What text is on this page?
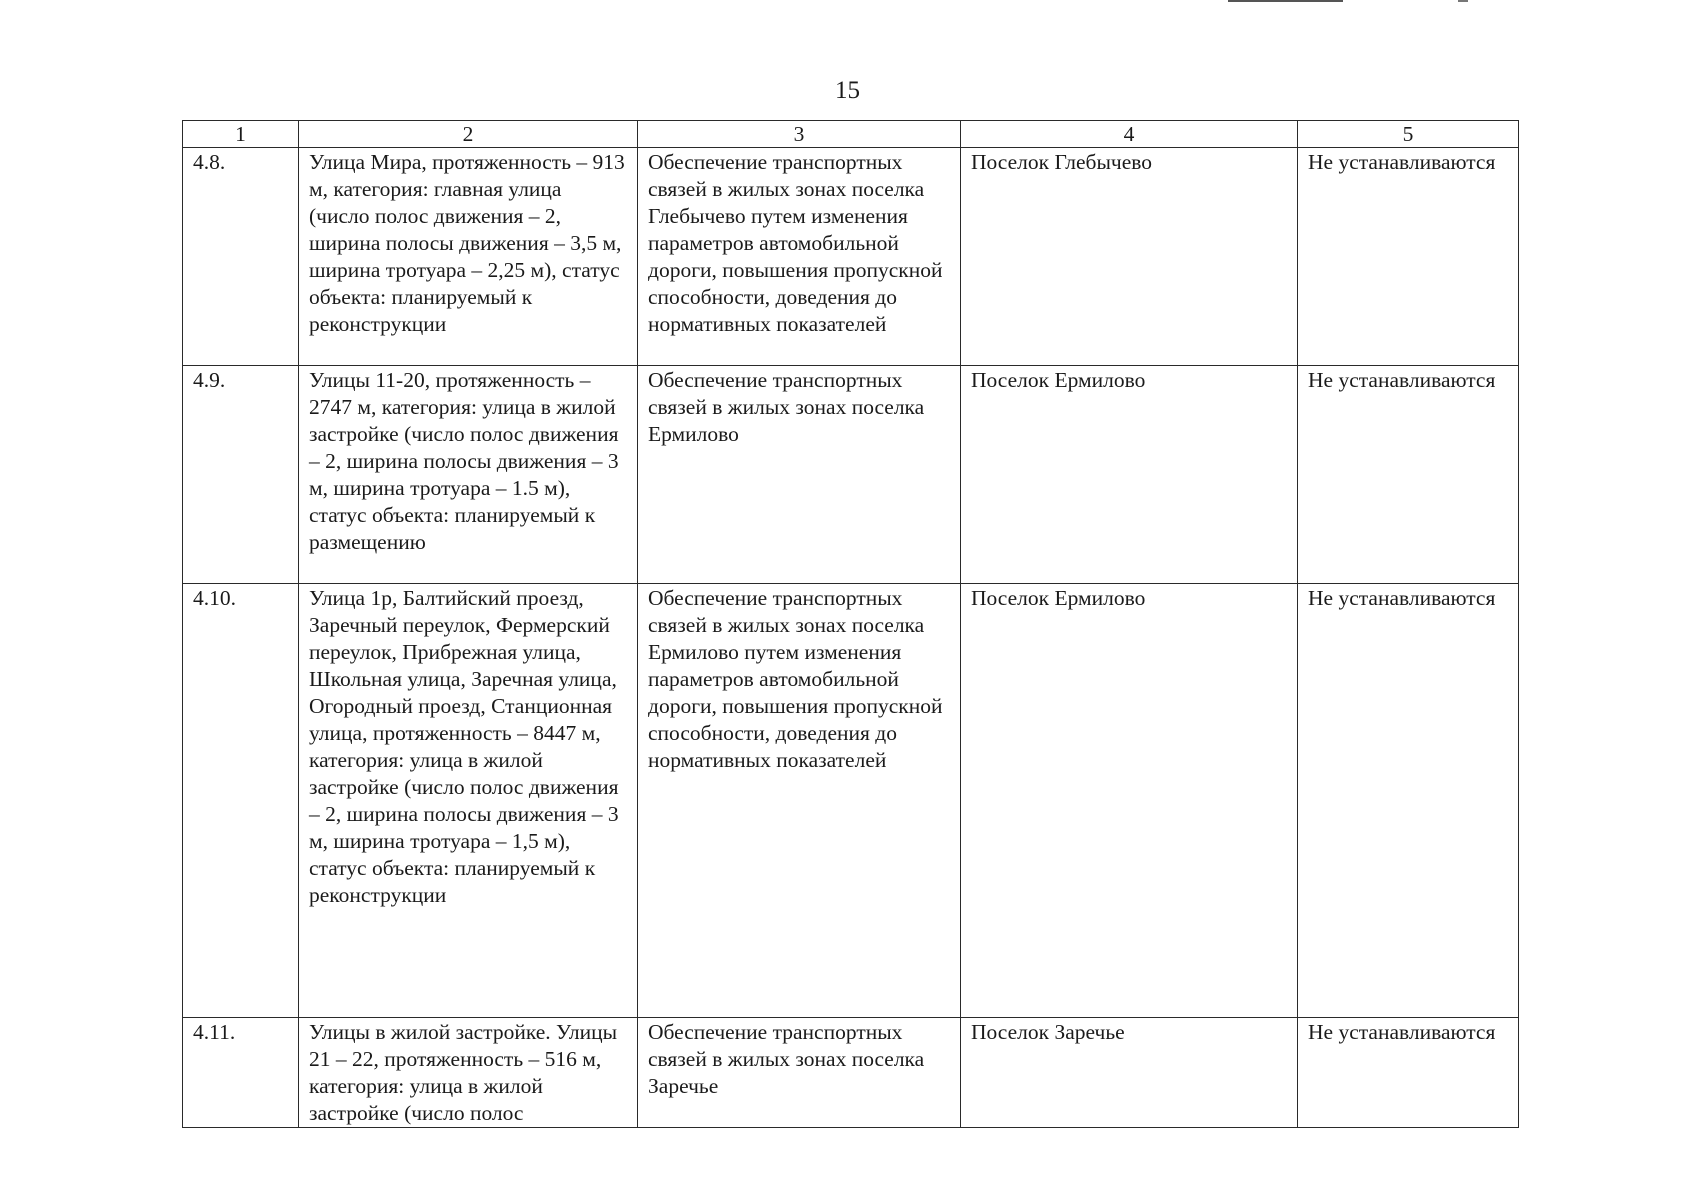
15
1	2	3	4	5
4.8.	Улица Мира, протяженность – 913 м, категория: главная улица (число полос движения – 2, ширина полосы движения – 3,5 м, ширина тротуара – 2,25 м), статус объекта: планируемый к реконструкции	Обеспечение транспортных связей в жилых зонах поселка Глебычево путем изменения параметров автомобильной дороги, повышения пропускной способности, доведения до нормативных показателей	Поселок Глебычево	Не устанавливаются
4.9.	Улицы 11-20, протяженность – 2747 м, категория: улица в жилой застройке (число полос движения – 2, ширина полосы движения – 3 м, ширина тротуара – 1.5 м), статус объекта: планируемый к размещению	Обеспечение транспортных связей в жилых зонах поселка Ермилово	Поселок Ермилово	Не устанавливаются
4.10.	Улица 1р, Балтийский проезд, Заречный переулок, Фермерский переулок, Прибрежная улица, Школьная улица, Заречная улица, Огородный проезд, Станционная улица, протяженность – 8447 м, категория: улица в жилой застройке (число полос движения – 2, ширина полосы движения – 3 м, ширина тротуара – 1,5 м), статус объекта: планируемый к реконструкции	Обеспечение транспортных связей в жилых зонах поселка Ермилово путем изменения параметров автомобильной дороги, повышения пропускной способности, доведения до нормативных показателей	Поселок Ермилово	Не устанавливаются
4.11.	Улицы в жилой застройке. Улицы 21 – 22, протяженность – 516 м, категория: улица в жилой застройке (число полос	Обеспечение транспортных связей в жилых зонах поселка Заречье	Поселок Заречье	Не устанавливаются
